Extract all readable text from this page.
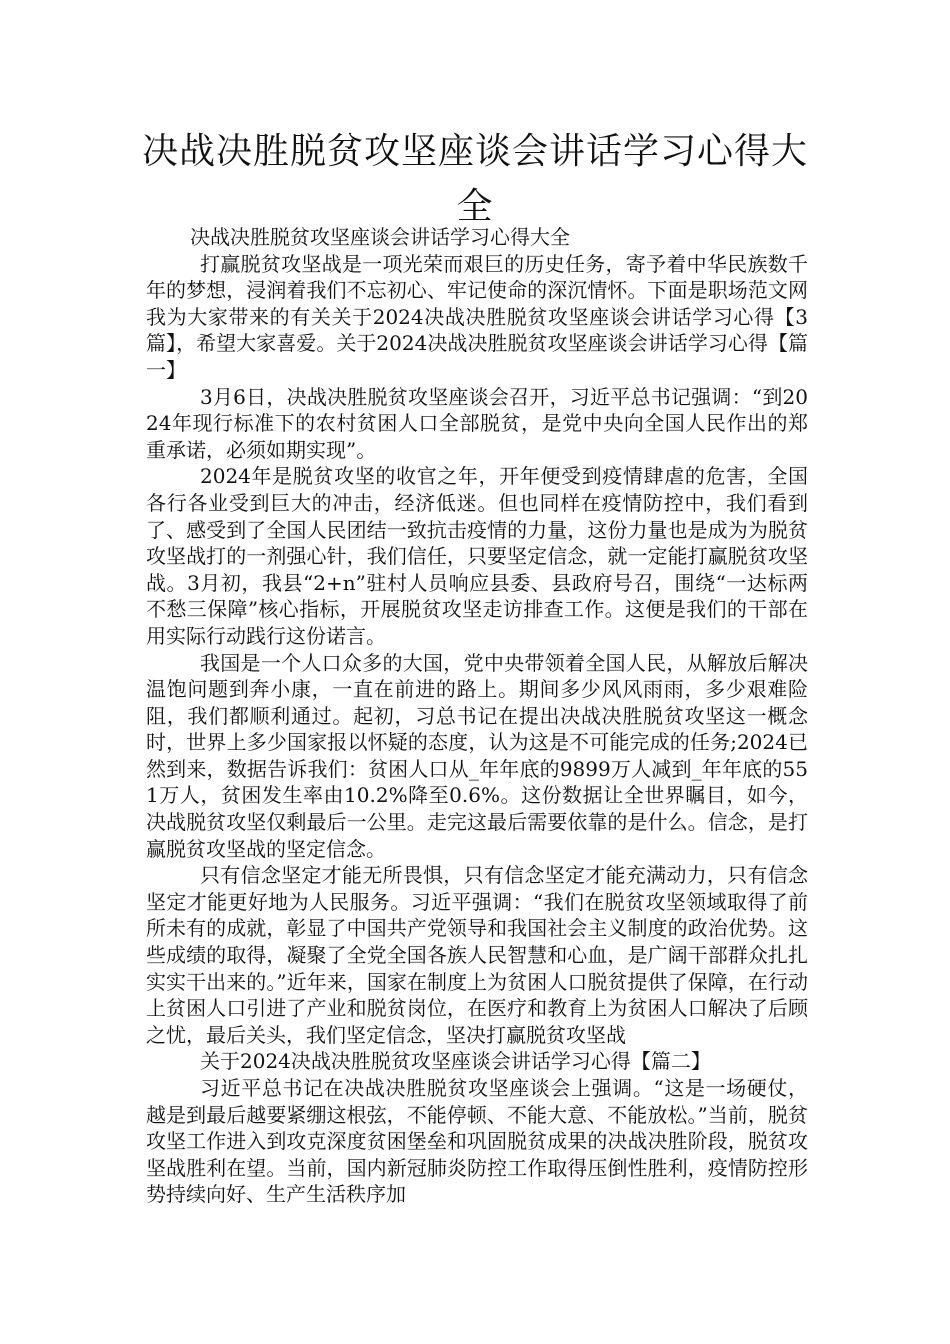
决战决胜脱贫攻坚座谈会讲话学习心得大全

决战决胜脱贫攻坚座谈会讲话学习心得大全

打赢脱贫攻坚战是一项光荣而艰巨的历史任务，寄予着中华民族数千年的梦想，浸润着我们不忘初心、牢记使命的深沉情怀。下面是职场范文网我为大家带来的有关关于2024决战决胜脱贫攻坚座谈会讲话学习心得【3篇】，希望大家喜爱。关于2024决战决胜脱贫攻坚座谈会讲话学习心得【篇一】

3月6日，决战决胜脱贫攻坚座谈会召开，习近平总书记强调：“到2024年现行标准下的农村贫困人口全部脱贫，是党中央向全国人民作出的郑重承诺，必须如期实现”。

2024年是脱贫攻坚的收官之年，开年便受到疫情肆虐的危害，全国各行各业受到巨大的冲击，经济低迷。但也同样在疫情防控中，我们看到了、感受到了全国人民团结一致抗击疫情的力量，这份力量也是成为为脱贫攻坚战打的一剂强心针，我们信任，只要坚定信念，就一定能打赢脱贫攻坚战。3月初，我县“2+n”驻村人员响应县委、县政府号召，围绕“一达标两不愁三保障”核心指标，开展脱贫攻坚走访排查工作。这便是我们的干部在用实际行动践行这份诺言。

我国是一个人口众多的大国，党中央带领着全国人民，从解放后解决温饱问题到奔小康，一直在前进的路上。期间多少风风雨雨，多少艰难险阻，我们都顺利通过。起初，习总书记在提出决战决胜脱贫攻坚这一概念时，世界上多少国家报以怀疑的态度，认为这是不可能完成的任务;2024已然到来，数据告诉我们：贫困人口从_年年底的9899万人减到_年年底的551万人，贫困发生率由10.2%降至0.6%。这份数据让全世界瞩目，如今，决战脱贫攻坚仅剩最后一公里。走完这最后需要依靠的是什么。信念，是打赢脱贫攻坚战的坚定信念。

只有信念坚定才能无所畏惧，只有信念坚定才能充满动力，只有信念坚定才能更好地为人民服务。习近平强调：“我们在脱贫攻坚领域取得了前所未有的成就，彰显了中国共产党领导和我国社会主义制度的政治优势。这些成绩的取得，凝聚了全党全国各族人民智慧和心血，是广阔干部群众扎扎实实干出来的。”近年来，国家在制度上为贫困人口脱贫提供了保障，在行动上贫困人口引进了产业和脱贫岗位，在医疗和教育上为贫困人口解决了后顾之忧，最后关头，我们坚定信念，坚决打赢脱贫攻坚战

关于2024决战决胜脱贫攻坚座谈会讲话学习心得【篇二】

习近平总书记在决战决胜脱贫攻坚座谈会上强调。“这是一场硬仗，越是到最后越要紧绷这根弦，不能停顿、不能大意、不能放松。”当前，脱贫攻坚工作进入到攻克深度贫困堡垒和巩固脱贫成果的决战决胜阶段，脱贫攻坚战胜利在望。当前，国内新冠肺炎防控工作取得压倒性胜利，疫情防控形势持续向好、生产生活秩序加
